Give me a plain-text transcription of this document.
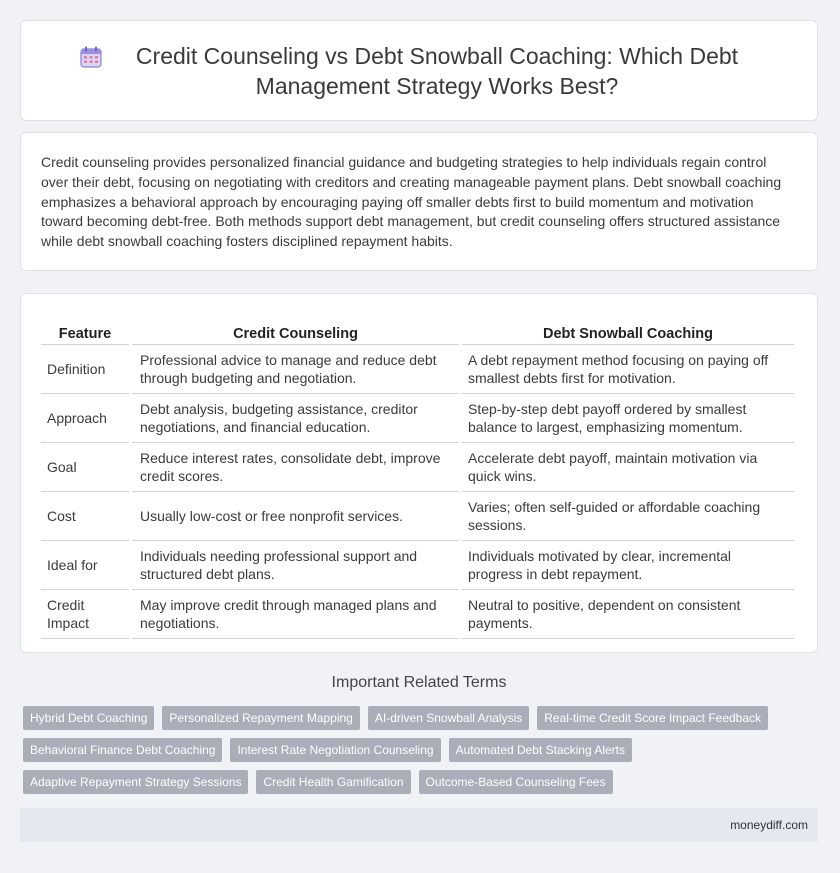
Credit Counseling vs Debt Snowball Coaching: Which Debt Management Strategy Works Best?

Credit counseling provides personalized financial guidance and budgeting strategies to help individuals regain control over their debt, focusing on negotiating with creditors and creating manageable payment plans. Debt snowball coaching emphasizes a behavioral approach by encouraging paying off smaller debts first to build momentum and motivation toward becoming debt-free. Both methods support debt management, but credit counseling offers structured assistance while debt snowball coaching fosters disciplined repayment habits.

Feature	Credit Counseling	Debt Snowball Coaching
Definition	Professional advice to manage and reduce debt through budgeting and negotiation.	A debt repayment method focusing on paying off smallest debts first for motivation.
Approach	Debt analysis, budgeting assistance, creditor negotiations, and financial education.	Step-by-step debt payoff ordered by smallest balance to largest, emphasizing momentum.
Goal	Reduce interest rates, consolidate debt, improve credit scores.	Accelerate debt payoff, maintain motivation via quick wins.
Cost	Usually low-cost or free nonprofit services.	Varies; often self-guided or affordable coaching sessions.
Ideal for	Individuals needing professional support and structured debt plans.	Individuals motivated by clear, incremental progress in debt repayment.
Credit Impact	May improve credit through managed plans and negotiations.	Neutral to positive, dependent on consistent payments.
Important Related Terms
Hybrid Debt Coaching	Personalized Repayment Mapping	AI-driven Snowball Analysis	Real-time Credit Score Impact Feedback
Behavioral Finance Debt Coaching	Interest Rate Negotiation Counseling	Automated Debt Stacking Alerts
Adaptive Repayment Strategy Sessions	Credit Health Gamification	Outcome-Based Counseling Fees
moneydiff.com
